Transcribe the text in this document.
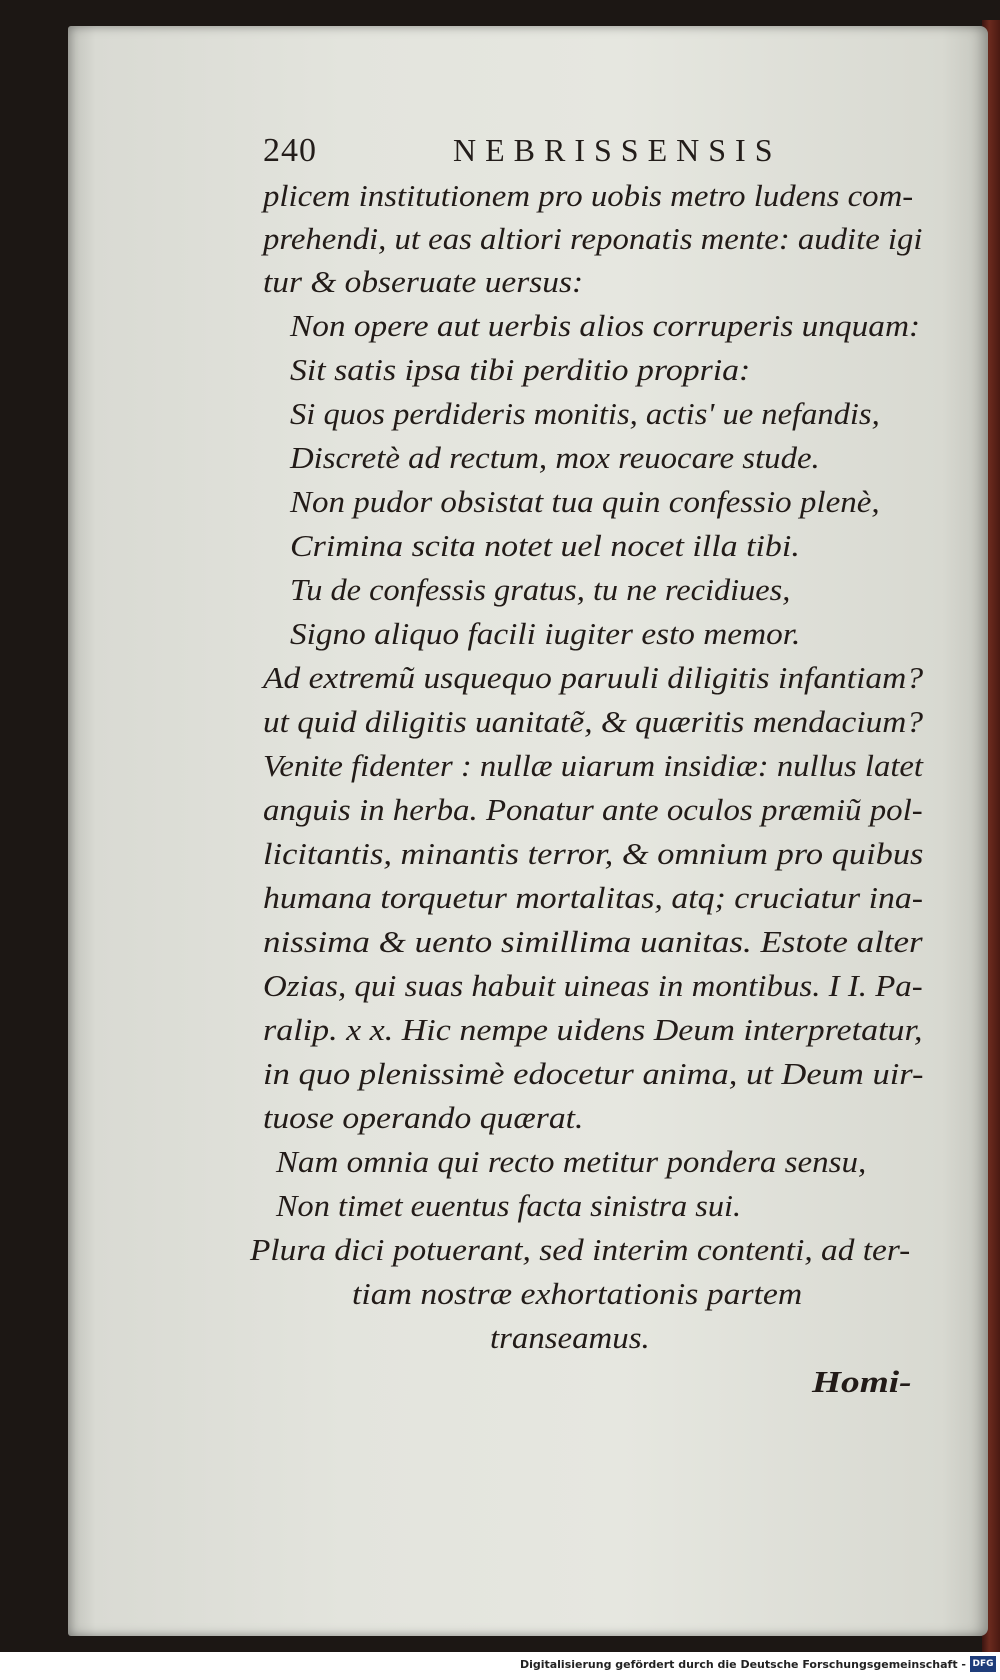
240	NEBRISSENSIS
plicem institutionem pro uobis metro ludens com-
prehendi, ut eas altiori reponatis mente: audite igi
tur & obseruate uersus:
Non opere aut uerbis alios corruperis unquam:
Sit satis ipsa tibi perditio propria:
Si quos perdideris monitis, actis' ue nefandis,
Discretè ad rectum, mox reuocare stude.
Non pudor obsistat tua quin confessio plenè,
Crimina scita notet uel nocet illa tibi.
Tu de confessis gratus, tu ne recidiues,
Signo aliquo facili iugiter esto memor.
Ad extremũ usquequo paruuli diligitis infantiam?
ut quid diligitis uanitatẽ, & quæritis mendacium?
Venite fidenter : nullæ uiarum insidiæ: nullus latet
anguis in herba. Ponatur ante oculos præmiũ pol-
licitantis, minantis terror, & omnium pro quibus
humana torquetur mortalitas, atq; cruciatur ina-
nissima & uento simillima uanitas. Estote alter
Ozias, qui suas habuit uineas in montibus. I I. Pa-
ralip. x x. Hic nempe uidens Deum interpretatur,
in quo plenissimè edocetur anima, ut Deum uir-
tuose operando quærat.
Nam omnia qui recto metitur pondera sensu,
Non timet euentus facta sinistra sui.
Plura dici potuerant, sed interim contenti, ad ter-
tiam nostræ exhortationis partem
transeamus.
Homi-
Digitalisierung gefördert durch die Deutsche Forschungsgemeinschaft - DFG
